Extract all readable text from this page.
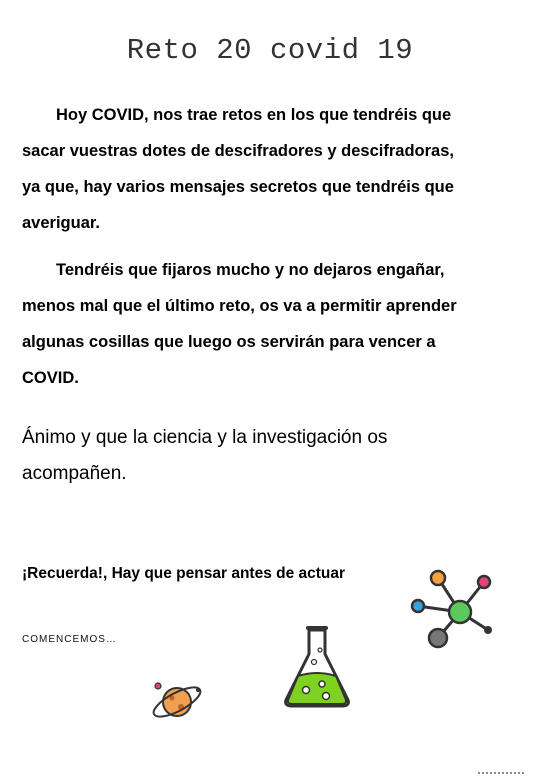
Reto 20 covid 19

Hoy COVID, nos trae retos en los que tendréis que
sacar vuestras dotes de descifradores y descifradoras,
ya que, hay varios mensajes secretos que tendréis que
averiguar.

Tendréis que fijaros mucho y no dejaros engañar,
menos mal que el último reto, os va a permitir aprender
algunas cosillas que luego os servirán para vencer a
COVID.

Ánimo y que la ciencia y la investigación os
acompañen.

¡Recuerda!, Hay que pensar antes de actuar
COMENCEMOS…
